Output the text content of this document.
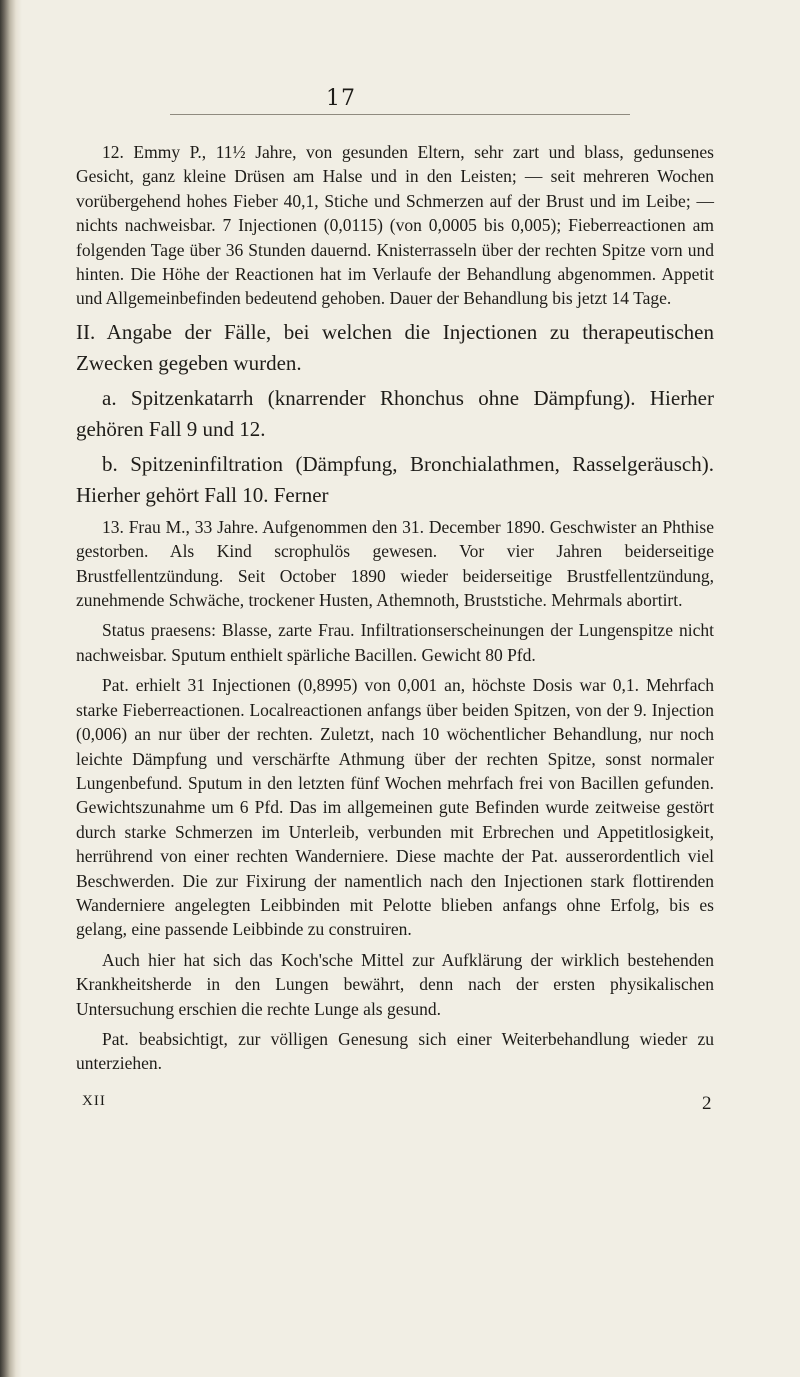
17

12. Emmy P., 11½ Jahre, von gesunden Eltern, sehr zart und blass, gedunsenes Gesicht, ganz kleine Drüsen am Halse und in den Leisten; — seit mehreren Wochen vorübergehend hohes Fieber 40,1, Stiche und Schmerzen auf der Brust und im Leibe; — nichts nachweisbar. 7 Injectionen (0,0115) (von 0,0005 bis 0,005); Fieberreactionen am folgenden Tage über 36 Stunden dauernd. Knisterrasseln über der rechten Spitze vorn und hinten. Die Höhe der Reactionen hat im Verlaufe der Behandlung abgenommen. Appetit und Allgemeinbefinden bedeutend gehoben. Dauer der Behandlung bis jetzt 14 Tage.

II. Angabe der Fälle, bei welchen die Injectionen zu therapeutischen Zwecken gegeben wurden.
a. Spitzenkatarrh (knarrender Rhonchus ohne Dämpfung). Hierher gehören Fall 9 und 12.
b. Spitzeninfiltration (Dämpfung, Bronchialathmen, Rasselgeräusch). Hierher gehört Fall 10. Ferner

13. Frau M., 33 Jahre. Aufgenommen den 31. December 1890. Geschwister an Phthise gestorben. Als Kind scrophulös gewesen. Vor vier Jahren beiderseitige Brustfellentzündung. Seit October 1890 wieder beiderseitige Brustfellentzündung, zunehmende Schwäche, trockener Husten, Athemnoth, Bruststiche. Mehrmals abortirt.

Status praesens: Blasse, zarte Frau. Infiltrationserscheinungen der Lungenspitze nicht nachweisbar. Sputum enthielt spärliche Bacillen. Gewicht 80 Pfd.

Pat. erhielt 31 Injectionen (0,8995) von 0,001 an, höchste Dosis war 0,1. Mehrfach starke Fieberreactionen. Localreactionen anfangs über beiden Spitzen, von der 9. Injection (0,006) an nur über der rechten. Zuletzt, nach 10 wöchentlicher Behandlung, nur noch leichte Dämpfung und verschärfte Athmung über der rechten Spitze, sonst normaler Lungenbefund. Sputum in den letzten fünf Wochen mehrfach frei von Bacillen gefunden. Gewichtszunahme um 6 Pfd. Das im allgemeinen gute Befinden wurde zeitweise gestört durch starke Schmerzen im Unterleib, verbunden mit Erbrechen und Appetitlosigkeit, herrührend von einer rechten Wanderniere. Diese machte der Pat. ausserordentlich viel Beschwerden. Die zur Fixirung der namentlich nach den Injectionen stark flottirenden Wanderniere angelegten Leibbinden mit Pelotte blieben anfangs ohne Erfolg, bis es gelang, eine passende Leibbinde zu construiren.

Auch hier hat sich das Koch'sche Mittel zur Aufklärung der wirklich bestehenden Krankheitsherde in den Lungen bewährt, denn nach der ersten physikalischen Untersuchung erschien die rechte Lunge als gesund.

Pat. beabsichtigt, zur völligen Genesung sich einer Weiterbehandlung wieder zu unterziehen.

XII	2
